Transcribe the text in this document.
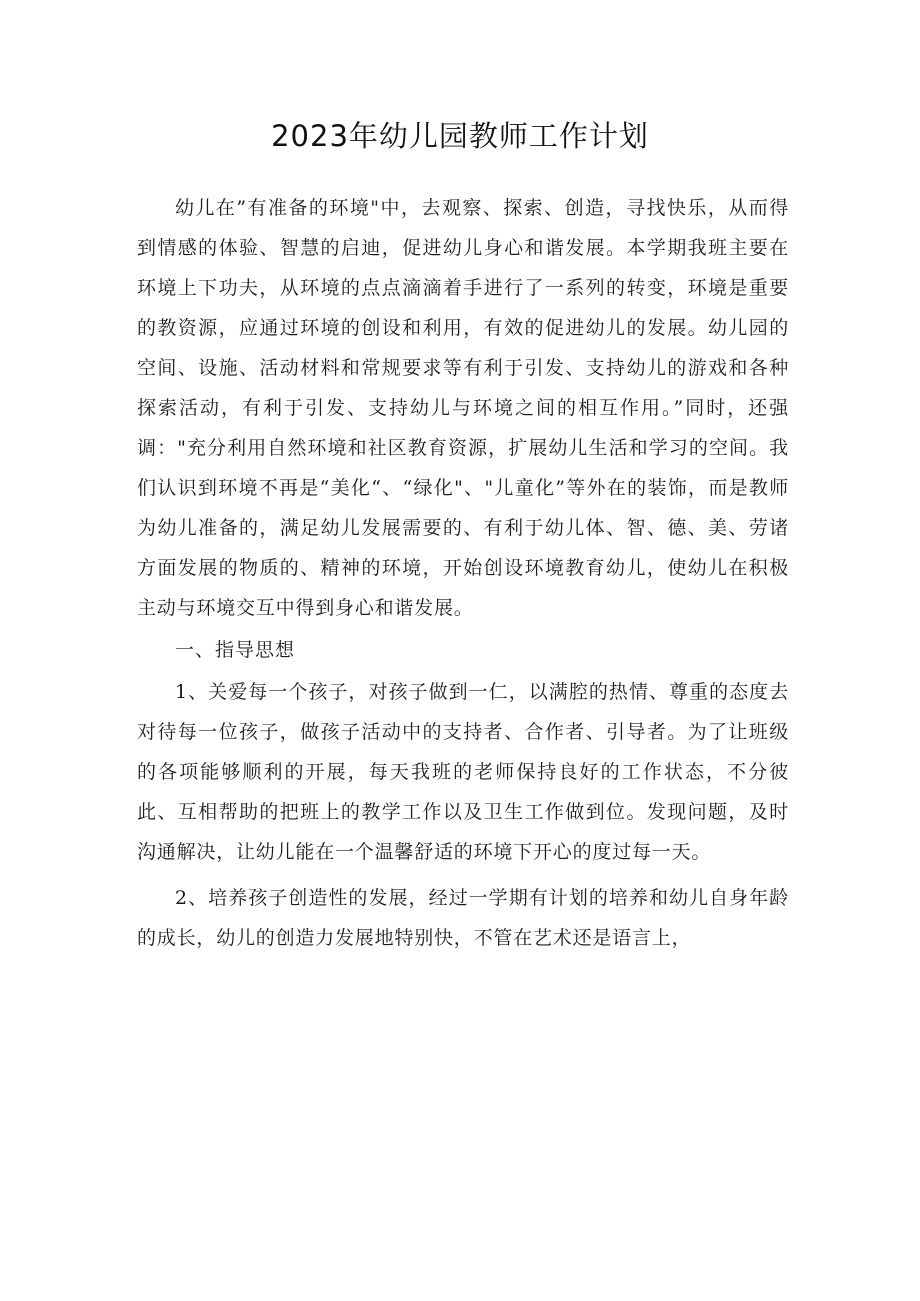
2023年幼儿园教师工作计划

幼儿在”有准备的环境"中，去观察、探索、创造，寻找快乐，从而得到情感的体验、智慧的启迪，促进幼儿身心和谐发展。本学期我班主要在环境上下功夫，从环境的点点滴滴着手进行了一系列的转变，环境是重要的教资源，应通过环境的创设和利用，有效的促进幼儿的发展。幼儿园的空间、设施、活动材料和常规要求等有利于引发、支持幼儿的游戏和各种探索活动，有利于引发、支持幼儿与环境之间的相互作用。”同时，还强调："充分利用自然环境和社区教育资源，扩展幼儿生活和学习的空间。我们认识到环境不再是“美化“、“绿化"、"儿童化”等外在的装饰，而是教师为幼儿准备的，满足幼儿发展需要的、有利于幼儿体、智、德、美、劳诸方面发展的物质的、精神的环境，开始创设环境教育幼儿，使幼儿在积极主动与环境交互中得到身心和谐发展。

一、指导思想

1、关爱每一个孩子，对孩子做到一仁，以满腔的热情、尊重的态度去对待每一位孩子，做孩子活动中的支持者、合作者、引导者。为了让班级的各项能够顺利的开展，每天我班的老师保持良好的工作状态，不分彼此、互相帮助的把班上的教学工作以及卫生工作做到位。发现问题，及时沟通解决，让幼儿能在一个温馨舒适的环境下开心的度过每一天。

2、培养孩子创造性的发展，经过一学期有计划的培养和幼儿自身年龄的成长，幼儿的创造力发展地特别快，不管在艺术还是语言上，
